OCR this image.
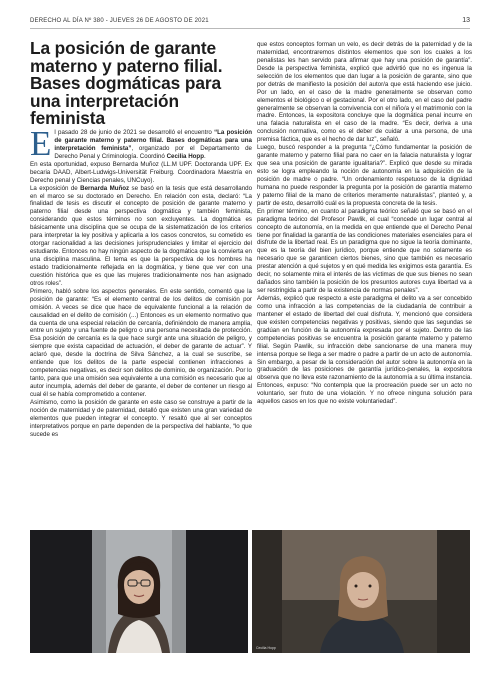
DERECHO AL DÍA Nº 380 - JUEVES 26 DE AGOSTO DE 2021	13
La posición de garante materno y paterno filial. Bases dogmáticas para una interpretación feminista

El pasado 28 de junio de 2021 se desarrolló el encuentro “La posición de garante materno y paterno filial. Bases dogmáticas para una interpretación feminista”, organizado por el Departamento de Derecho Penal y Criminología. Coordinó Cecilia Hopp.

En esta oportunidad, expuso Bernarda Muñoz (LL.M UPF. Doctoranda UPF. Ex becaria DAAD, Albert-Ludwigs-Universität Freiburg. Coordinadora Maestría en Derecho penal y Ciencias penales, UNCuyo).

La exposición de Bernarda Muñoz se basó en la tesis que está desarrollando en el marco se su doctorado en Derecho. En relación con esta, declaró: “La finalidad de tesis es discutir el concepto de posición de garante materno y paterno filial desde una perspectiva dogmática y también feminista, considerando que estos términos no son excluyentes. La dogmática es básicamente una disciplina que se ocupa de la sistematización de los criterios para interpretar la ley positiva y aplicarla a los casos concretos, su cometido es otorgar racionalidad a las decisiones jurisprudenciales y limitar el ejercicio del estudiante. Entonces no hay ningún aspecto de la dogmática que la convierta en una disciplina masculina. El tema es que la perspectiva de los hombres ha estado tradicionalmente reflejada en la dogmática, y tiene que ver con una cuestión histórica que es que las mujeres tradicionalmente nos han asignado otros roles”.

Primero, habló sobre los aspectos generales. En este sentido, comentó que la posición de garante: “Es el elemento central de los delitos de comisión por omisión. A veces se dice que hace de equivalente funcional a la relación de causalidad en el delito de comisión (...) Entonces es un elemento normativo que da cuenta de una especial relación de cercanía, definiéndolo de manera amplia, entre un sujeto y una fuente de peligro o una persona necesitada de protección. Esa posición de cercanía es la que hace surgir ante una situación de peligro, y siempre que exista capacidad de actuación, el deber de garante de actuar”. Y aclaró que, desde la doctrina de Silva Sánchez, a la cual se suscribe, se entiende que los delitos de la parte especial contienen infracciones a competencias negativas, es decir son delitos de dominio, de organización. Por lo tanto, para que una omisión sea equivalente a una comisión es necesario que al autor incumpla, además del deber de garante, el deber de contener un riesgo al cual él se había comprometido a contener.

Asimismo, como la posición de garante en este caso se construye a partir de la noción de maternidad y de paternidad, detalló que existen una gran variedad de elementos que pueden integrar el concepto. Y resaltó que al ser conceptos interpretativos porque en parte dependen de la perspectiva del hablante, “lo que sucede es

que estos conceptos forman un velo, es decir detrás de la paternidad y de la maternidad, encontraremos distintos elementos que son los cuales a los penalistas les han servido para afirmar que hay una posición de garantía”. Desde la perspectiva feminista, explicó que advirtió que no es ingenua la selección de los elementos que dan lugar a la posición de garante, sino que por detrás de manifiesto la posición del autor/a que está haciendo ese juicio. Por un lado, en el caso de la madre generalmente se observan como elementos el biológico o el gestacional. Por el otro lado, en el caso del padre generalmente se observan la convivencia con el niño/a y el matrimonio con la madre. Entonces, la expositora concluye que la dogmática penal incurre en una falacia naturalista en el caso de la madre. “Es decir, deriva a una conclusión normativa, como es el deber de cuidar a una persona, de una premisa fáctica, que es el hecho de dar luz”, señaló.

Luego, buscó responder a la pregunta “¿Cómo fundamentar la posición de garante materno y paterno filial para no caer en la falacia naturalista y lograr que sea una posición de garante igualitaria?”. Explicó que desde su mirada esto se logra empleando la noción de autonomía en la adquisición de la posición de madre o padre. “Un ordenamiento respetuoso de la dignidad humana no puede responder la pregunta por la posición de garantía materno y paterno filial de la mano de criterios meramente naturalistas”, planteó y, a partir de esto, desarrolló cuál es la propuesta concreta de la tesis.

En primer término, en cuanto al paradigma teórico señaló que se basó en el paradigma teórico del Profesor Pawlik, el cual “concede un lugar central al concepto de autonomía, en la medida en que entiende que el Derecho Penal tiene por finalidad la garantía de las condiciones materiales esenciales para el disfrute de la libertad real. Es un paradigma que no sigue la teoría dominante, que es la teoría del bien jurídico, porque entiende que no solamente es necesario que se garanticen ciertos bienes, sino que también es necesario prestar atención a qué sujetos y en qué medida les exigimos esta garantía. Es decir, no solamente mira el interés de las víctimas de que sus bienes no sean dañados sino también la posición de los presuntos autores cuya libertad va a ser restringida a partir de la existencia de normas penales”.

Además, explicó que respecto a este paradigma el delito va a ser concebido como una infracción a las competencias de la ciudadanía de contribuir a mantener el estado de libertad del cual disfruta. Y, mencionó que considera que existen competencias negativas y positivas, siendo que las segundas se gradúan en función de la autonomía expresada por el sujeto. Dentro de las competencias positivas se encuentra la posición garante materno y paterno filial. Según Pawlik, su infracción debe sancionarse de una manera muy intensa porque se llega a ser madre o padre a partir de un acto de autonomía. Sin embargo, a pesar de la consideración del autor sobre la autonomía en la graduación de las posiciones de garantía jurídico-penales, la expositora observa que no lleva este razonamiento de la autonomía a su última instancia. Entonces, expuso: “No contempla que la procreación puede ser un acto no voluntario, ser fruto de una violación. Y no ofrece ninguna solución para aquellos casos en los que no existe voluntariedad”.

Cecilia Hopp
